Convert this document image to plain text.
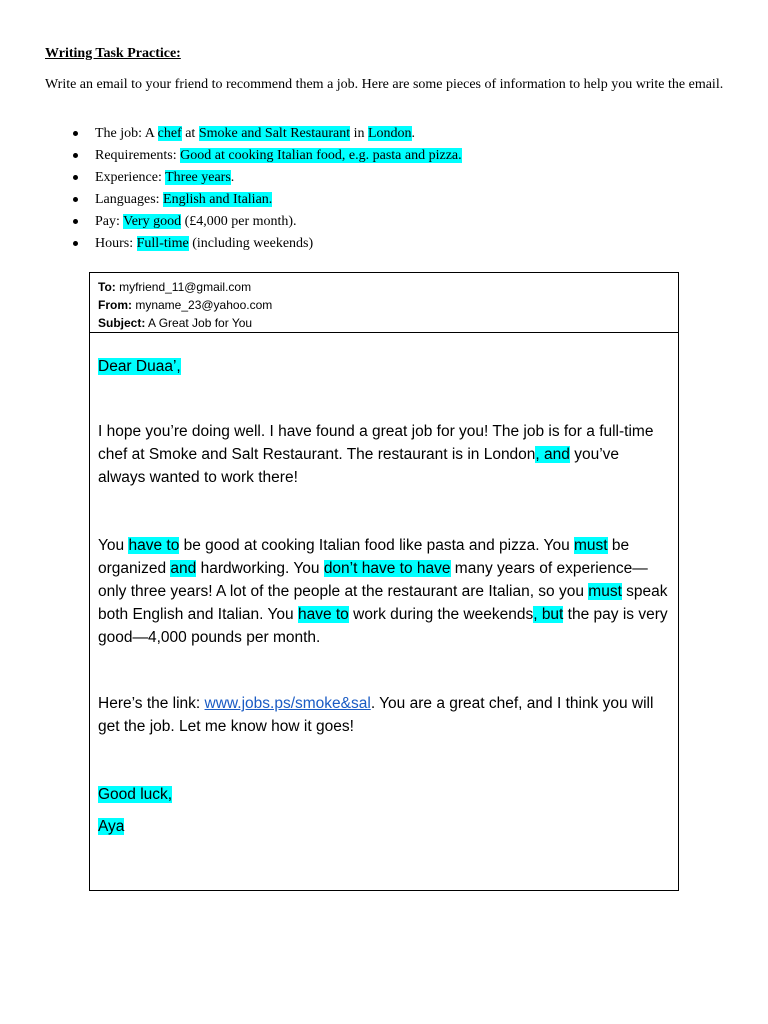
Writing Task Practice:

Write an email to your friend to recommend them a job. Here are some pieces of information to help you write the email.

The job: A chef at Smoke and Salt Restaurant in London.
Requirements: Good at cooking Italian food, e.g. pasta and pizza.
Experience: Three years.
Languages: English and Italian.
Pay: Very good (£4,000 per month).
Hours: Full-time (including weekends)
To: myfriend_11@gmail.com
From: myname_23@yahoo.com
Subject: A Great Job for You

Dear Duaa’,

I hope you’re doing well. I have found a great job for you! The job is for a full-time chef at Smoke and Salt Restaurant. The restaurant is in London, and you’ve always wanted to work there!

You have to be good at cooking Italian food like pasta and pizza. You must be organized and hardworking. You don’t have to have many years of experience—only three years! A lot of the people at the restaurant are Italian, so you must speak both English and Italian. You have to work during the weekends, but the pay is very good—4,000 pounds per month.

Here’s the link: www.jobs.ps/smoke&sal. You are a great chef, and I think you will get the job. Let me know how it goes!

Good luck,

Aya
